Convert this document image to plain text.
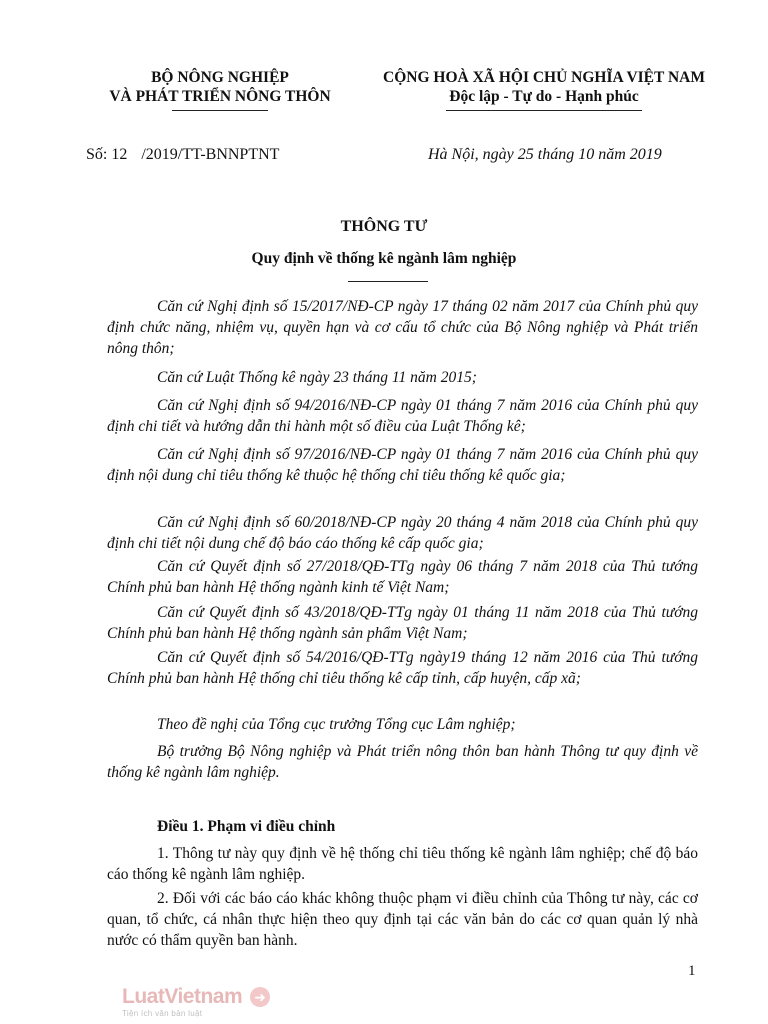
BỘ NÔNG NGHIỆP
VÀ PHÁT TRIỂN NÔNG THÔN
CỘNG HOÀ XÃ HỘI CHỦ NGHĨA VIỆT NAM
Độc lập - Tự do - Hạnh phúc
Số: 12 /2019/TT-BNNPTNT	Hà Nội, ngày 25 tháng 10 năm 2019
THÔNG TƯ
Quy định về thống kê ngành lâm nghiệp
Căn cứ Nghị định số 15/2017/NĐ-CP ngày 17 tháng 02 năm 2017 của Chính phủ quy định chức năng, nhiệm vụ, quyền hạn và cơ cấu tổ chức của Bộ Nông nghiệp và Phát triển nông thôn;
Căn cứ Luật Thống kê ngày 23 tháng 11 năm 2015;
Căn cứ Nghị định số 94/2016/NĐ-CP ngày 01 tháng 7 năm 2016 của Chính phủ quy định chi tiết và hướng dẫn thi hành một số điều của Luật Thống kê;
Căn cứ Nghị định số 97/2016/NĐ-CP ngày 01 tháng 7 năm 2016 của Chính phủ quy định nội dung chỉ tiêu thống kê thuộc hệ thống chỉ tiêu thống kê quốc gia;
Căn cứ Nghị định số 60/2018/NĐ-CP ngày 20 tháng 4 năm 2018 của Chính phủ quy định chi tiết nội dung chế độ báo cáo thống kê cấp quốc gia;
Căn cứ Quyết định số 27/2018/QĐ-TTg ngày 06 tháng 7 năm 2018 của Thủ tướng Chính phủ ban hành Hệ thống ngành kinh tế Việt Nam;
Căn cứ Quyết định số 43/2018/QĐ-TTg ngày 01 tháng 11 năm 2018 của Thủ tướng Chính phủ ban hành Hệ thống ngành sản phẩm Việt Nam;
Căn cứ Quyết định số 54/2016/QĐ-TTg ngày19 tháng 12 năm 2016 của Thủ tướng Chính phủ ban hành Hệ thống chỉ tiêu thống kê cấp tỉnh, cấp huyện, cấp xã;
Theo đề nghị của Tổng cục trưởng Tổng cục Lâm nghiệp;
Bộ trưởng Bộ Nông nghiệp và Phát triển nông thôn ban hành Thông tư quy định về thống kê ngành lâm nghiệp.
Điều 1. Phạm vi điều chỉnh
1. Thông tư này quy định về hệ thống chỉ tiêu thống kê ngành lâm nghiệp; chế độ báo cáo thống kê ngành lâm nghiệp.
2. Đối với các báo cáo khác không thuộc phạm vi điều chỉnh của Thông tư này, các cơ quan, tổ chức, cá nhân thực hiện theo quy định tại các văn bản do các cơ quan quản lý nhà nước có thẩm quyền ban hành.
1
LuatVietnam ➜
Tiện ích văn bản luật
